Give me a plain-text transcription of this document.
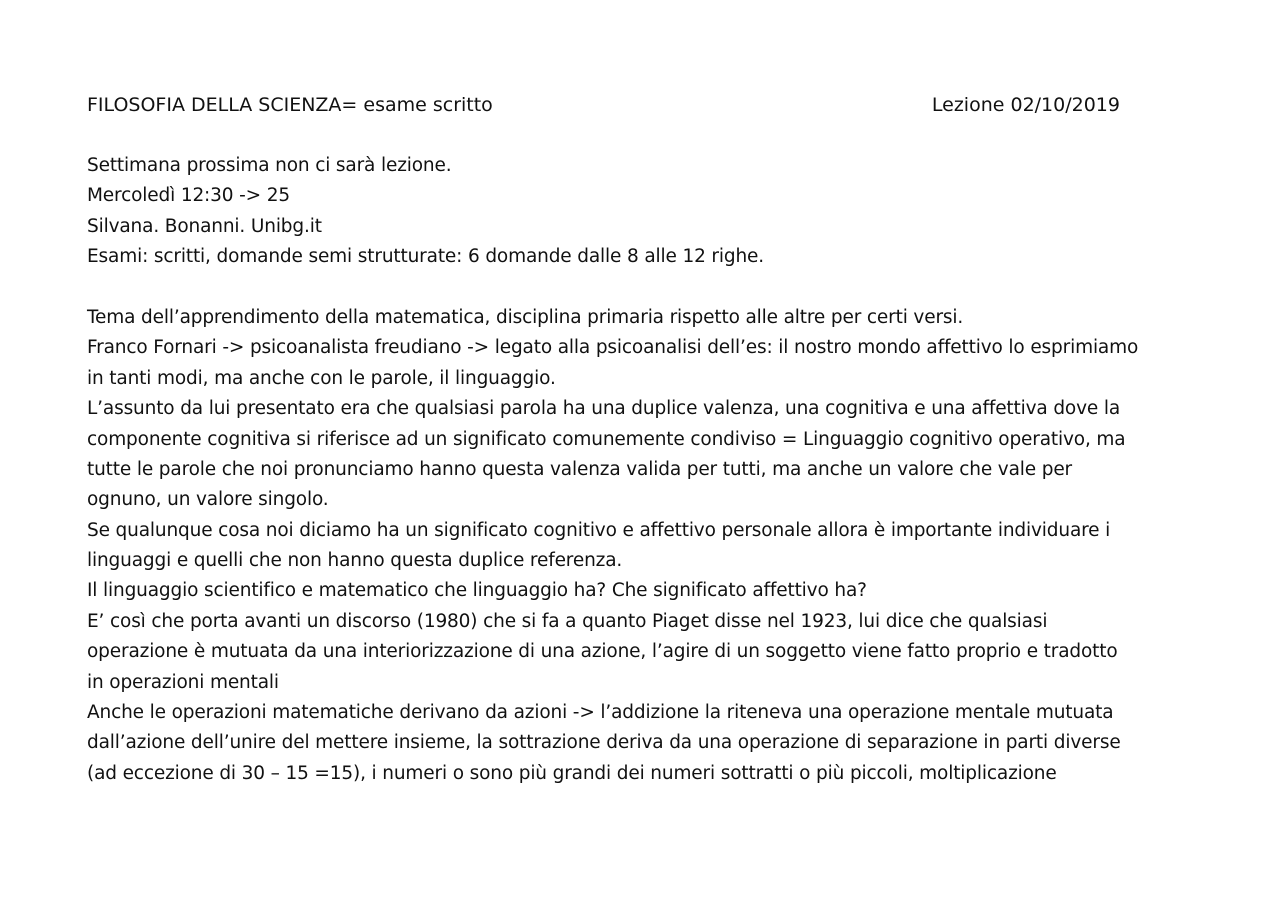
FILOSOFIA DELLA SCIENZA= esame scritto	Lezione 02/10/2019
Settimana prossima non ci sarà lezione.
Mercoledì 12:30 -> 25
Silvana. Bonanni. Unibg.it
Esami: scritti, domande semi strutturate: 6 domande dalle 8 alle 12 righe.
Tema dell’apprendimento della matematica, disciplina primaria rispetto alle altre per certi versi.
Franco Fornari -> psicoanalista freudiano -> legato alla psicoanalisi dell’es: il nostro mondo affettivo lo esprimiamo
in tanti modi, ma anche con le parole, il linguaggio.
L’assunto da lui presentato era che qualsiasi parola ha una duplice valenza, una cognitiva e una affettiva dove la
componente cognitiva si riferisce ad un significato comunemente condiviso = Linguaggio cognitivo operativo, ma
tutte le parole che noi pronunciamo hanno questa valenza valida per tutti, ma anche un valore che vale per
ognuno, un valore singolo.
Se qualunque cosa noi diciamo ha un significato cognitivo e affettivo personale allora è importante individuare i
linguaggi e quelli che non hanno questa duplice referenza.
Il linguaggio scientifico e matematico che linguaggio ha? Che significato affettivo ha?
E’ così che porta avanti un discorso (1980) che si fa a quanto Piaget disse nel 1923, lui dice che qualsiasi
operazione è mutuata da una interiorizzazione di una azione, l’agire di un soggetto viene fatto proprio e tradotto
in operazioni mentali
Anche le operazioni matematiche derivano da azioni -> l’addizione la riteneva una operazione mentale mutuata
dall’azione dell’unire del mettere insieme, la sottrazione deriva da una operazione di separazione in parti diverse
(ad eccezione di 30 – 15 =15), i numeri o sono più grandi dei numeri sottratti o più piccoli, moltiplicazione
